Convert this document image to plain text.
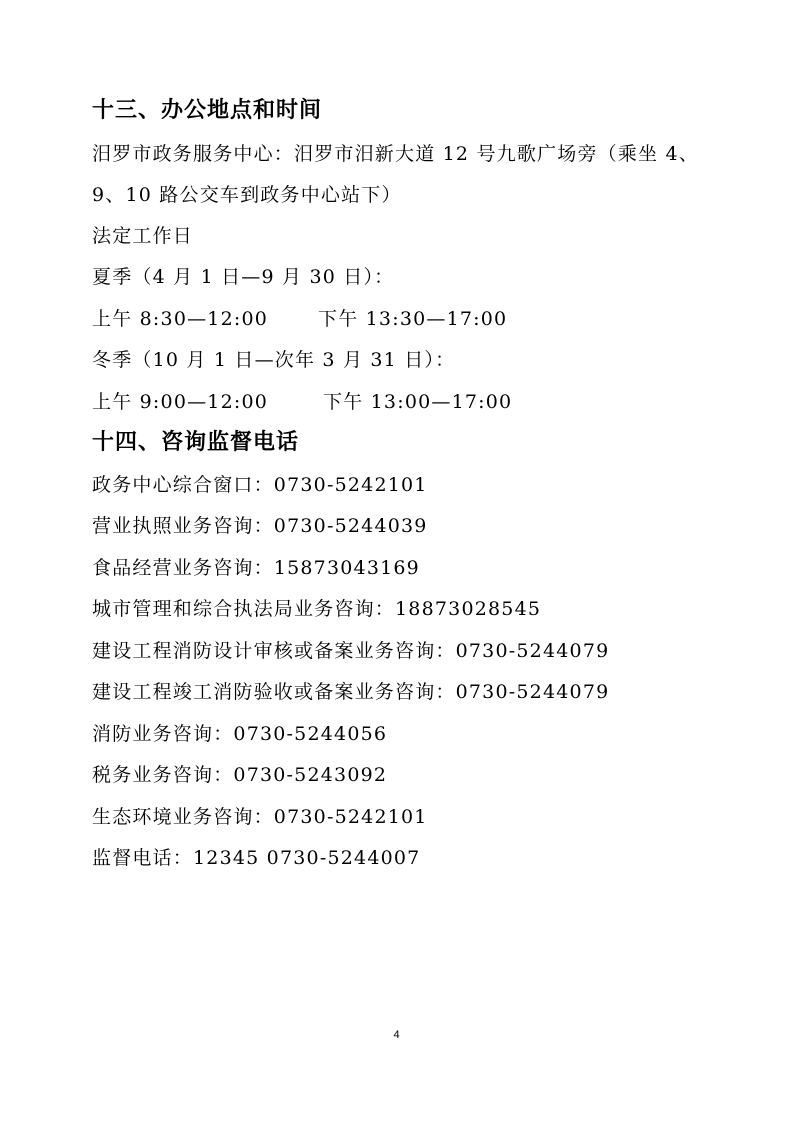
十三、办公地点和时间
汨罗市政务服务中心：汨罗市汨新大道 12 号九歌广场旁（乘坐 4、
9、10 路公交车到政务中心站下）
法定工作日
夏季（4 月 1 日—9 月 30 日）：
上午 8:30—12:00	下午 13:30—17:00
冬季（10 月 1 日—次年 3 月 31 日）：
上午 9:00—12:00	下午 13:00—17:00
十四、咨询监督电话
政务中心综合窗口：0730-5242101
营业执照业务咨询：0730-5244039
食品经营业务咨询：15873043169
城市管理和综合执法局业务咨询：18873028545
建设工程消防设计审核或备案业务咨询：0730-5244079
建设工程竣工消防验收或备案业务咨询：0730-5244079
消防业务咨询：0730-5244056
税务业务咨询：0730-5243092
生态环境业务咨询：0730-5242101
监督电话：12345 0730-5244007
4
